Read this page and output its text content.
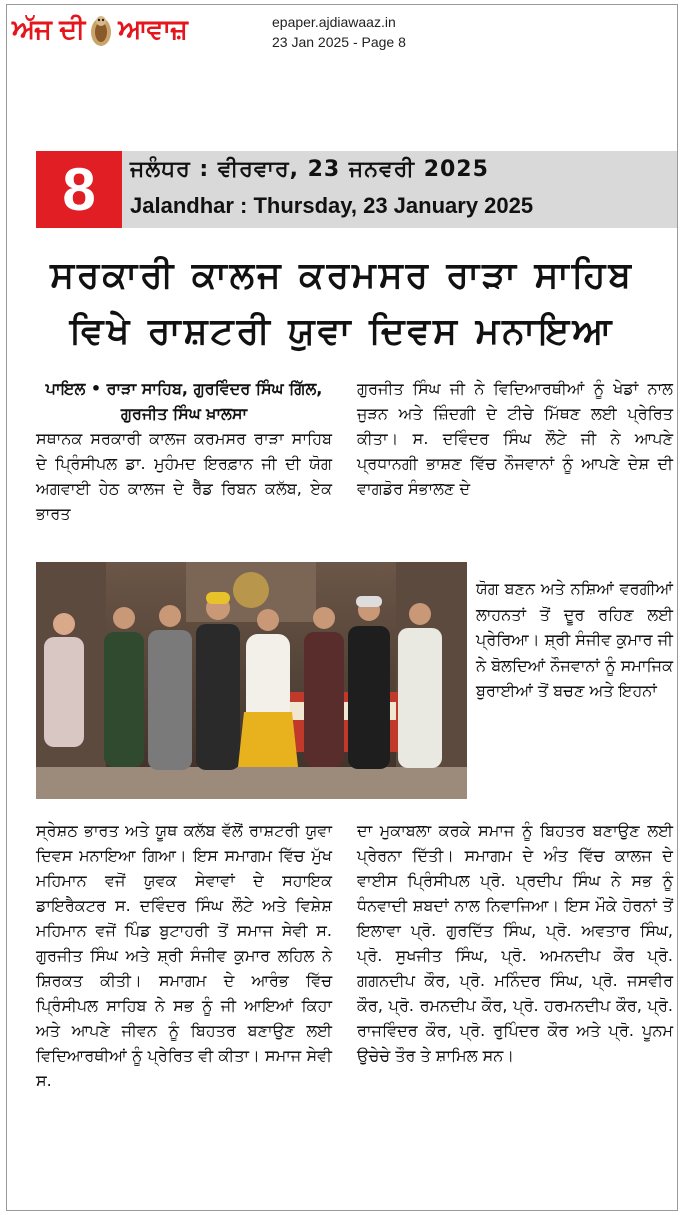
ਅੱਜ ਦੀ ਆਵਾਜ਼	epaper.ajdiawaaz.in
23 Jan 2025 - Page 8
8	ਜਲੰਧਰ : ਵੀਰਵਾਰ, 23 ਜਨਵਰੀ 2025
Jalandhar : Thursday, 23 January 2025
ਸਰਕਾਰੀ ਕਾਲਜ ਕਰਮਸਰ ਰਾੜਾ ਸਾਹਿਬ
ਵਿਖੇ ਰਾਸ਼ਟਰੀ ਯੁਵਾ ਦਿਵਸ ਮਨਾਇਆ

ਪਾਇਲ • ਰਾੜਾ ਸਾਹਿਬ, ਗੁਰਵਿੰਦਰ ਸਿੰਘ ਗਿੱਲ, ਗੁਰਜੀਤ ਸਿੰਘ ਖ਼ਾਲਸਾ

ਸਥਾਨਕ ਸਰਕਾਰੀ ਕਾਲਜ ਕਰਮਸਰ ਰਾੜਾ ਸਾਹਿਬ ਦੇ ਪ੍ਰਿੰਸੀਪਲ ਡਾ. ਮੁਹੰਮਦ ਇਰਫ਼ਾਨ ਜੀ ਦੀ ਯੋਗ ਅਗਵਾਈ ਹੇਠ ਕਾਲਜ ਦੇ ਰੈੱਡ ਰਿਬਨ ਕਲੱਬ, ਏਕ ਭਾਰਤ

ਗੁਰਜੀਤ ਸਿੰਘ ਜੀ ਨੇ ਵਿਦਿਆਰਥੀਆਂ ਨੂੰ ਖੇਡਾਂ ਨਾਲ ਜੁੜਨ ਅਤੇ ਜ਼ਿੰਦਗੀ ਦੇ ਟੀਚੇ ਮਿੱਥਣ ਲਈ ਪ੍ਰੇਰਿਤ ਕੀਤਾ। ਸ. ਦਵਿੰਦਰ ਸਿੰਘ ਲੌਟੇ ਜੀ ਨੇ ਆਪਣੇ ਪ੍ਰਧਾਨਗੀ ਭਾਸ਼ਣ ਵਿੱਚ ਨੌਜਵਾਨਾਂ ਨੂੰ ਆਪਣੇ ਦੇਸ਼ ਦੀ ਵਾਗਡੋਰ ਸੰਭਾਲਣ ਦੇ
ਯੋਗ ਬਣਨ ਅਤੇ ਨਸ਼ਿਆਂ ਵਰਗੀਆਂ ਲਾਹਨਤਾਂ ਤੋਂ ਦੂਰ ਰਹਿਣ ਲਈ ਪ੍ਰੇਰਿਆ। ਸ਼੍ਰੀ ਸੰਜੀਵ ਕੁਮਾਰ ਜੀ ਨੇ ਬੋਲਦਿਆਂ ਨੌਜਵਾਨਾਂ ਨੂੰ ਸਮਾਜਿਕ ਬੁਰਾਈਆਂ ਤੋਂ ਬਚਣ ਅਤੇ ਇਹਨਾਂ
ਸ੍ਰੇਸ਼ਠ ਭਾਰਤ ਅਤੇ ਯੂਥ ਕਲੱਬ ਵੱਲੋਂ ਰਾਸ਼ਟਰੀ ਯੁਵਾ ਦਿਵਸ ਮਨਾਇਆ ਗਿਆ। ਇਸ ਸਮਾਗਮ ਵਿੱਚ ਮੁੱਖ ਮਹਿਮਾਨ ਵਜੋਂ ਯੁਵਕ ਸੇਵਾਵਾਂ ਦੇ ਸਹਾਇਕ ਡਾਇਰੈਕਟਰ ਸ. ਦਵਿੰਦਰ ਸਿੰਘ ਲੌਟੇ ਅਤੇ ਵਿਸ਼ੇਸ਼ ਮਹਿਮਾਨ ਵਜੋਂ ਪਿੰਡ ਬੁਟਾਹਰੀ ਤੋਂ ਸਮਾਜ ਸੇਵੀ ਸ. ਗੁਰਜੀਤ ਸਿੰਘ ਅਤੇ ਸ਼੍ਰੀ ਸੰਜੀਵ ਕੁਮਾਰ ਲਹਿਲ ਨੇ ਸ਼ਿਰਕਤ ਕੀਤੀ। ਸਮਾਗਮ ਦੇ ਆਰੰਭ ਵਿੱਚ ਪ੍ਰਿੰਸੀਪਲ ਸਾਹਿਬ ਨੇ ਸਭ ਨੂੰ ਜੀ ਆਇਆਂ ਕਿਹਾ ਅਤੇ ਆਪਣੇ ਜੀਵਨ ਨੂੰ ਬਿਹਤਰ ਬਣਾਉਣ ਲਈ ਵਿਦਿਆਰਥੀਆਂ ਨੂੰ ਪ੍ਰੇਰਿਤ ਵੀ ਕੀਤਾ। ਸਮਾਜ ਸੇਵੀ ਸ.
ਦਾ ਮੁਕਾਬਲਾ ਕਰਕੇ ਸਮਾਜ ਨੂੰ ਬਿਹਤਰ ਬਣਾਉਣ ਲਈ ਪ੍ਰੇਰਨਾ ਦਿੱਤੀ। ਸਮਾਗਮ ਦੇ ਅੰਤ ਵਿੱਚ ਕਾਲਜ ਦੇ ਵਾਈਸ ਪ੍ਰਿੰਸੀਪਲ ਪ੍ਰੋ. ਪ੍ਰਦੀਪ ਸਿੰਘ ਨੇ ਸਭ ਨੂੰ ਧੰਨਵਾਦੀ ਸ਼ਬਦਾਂ ਨਾਲ ਨਿਵਾਜਿਆ। ਇਸ ਮੌਕੇ ਹੋਰਨਾਂ ਤੋਂ ਇਲਾਵਾ ਪ੍ਰੋ. ਗੁਰਦਿੱਤ ਸਿੰਘ, ਪ੍ਰੋ. ਅਵਤਾਰ ਸਿੰਘ, ਪ੍ਰੋ. ਸੁਖਜੀਤ ਸਿੰਘ, ਪ੍ਰੋ. ਅਮਨਦੀਪ ਕੌਰ ਪ੍ਰੋ. ਗਗਨਦੀਪ ਕੌਰ, ਪ੍ਰੋ. ਮਨਿੰਦਰ ਸਿੰਘ, ਪ੍ਰੋ. ਜਸਵੀਰ ਕੌਰ, ਪ੍ਰੋ. ਰਮਨਦੀਪ ਕੌਰ, ਪ੍ਰੋ. ਹਰਮਨਦੀਪ ਕੌਰ, ਪ੍ਰੋ. ਰਾਜਵਿੰਦਰ ਕੌਰ, ਪ੍ਰੋ. ਰੁਪਿੰਦਰ ਕੌਰ ਅਤੇ ਪ੍ਰੋ. ਪੂਨਮ ਉਚੇਚੇ ਤੌਰ ਤੇ ਸ਼ਾਮਿਲ ਸਨ।
